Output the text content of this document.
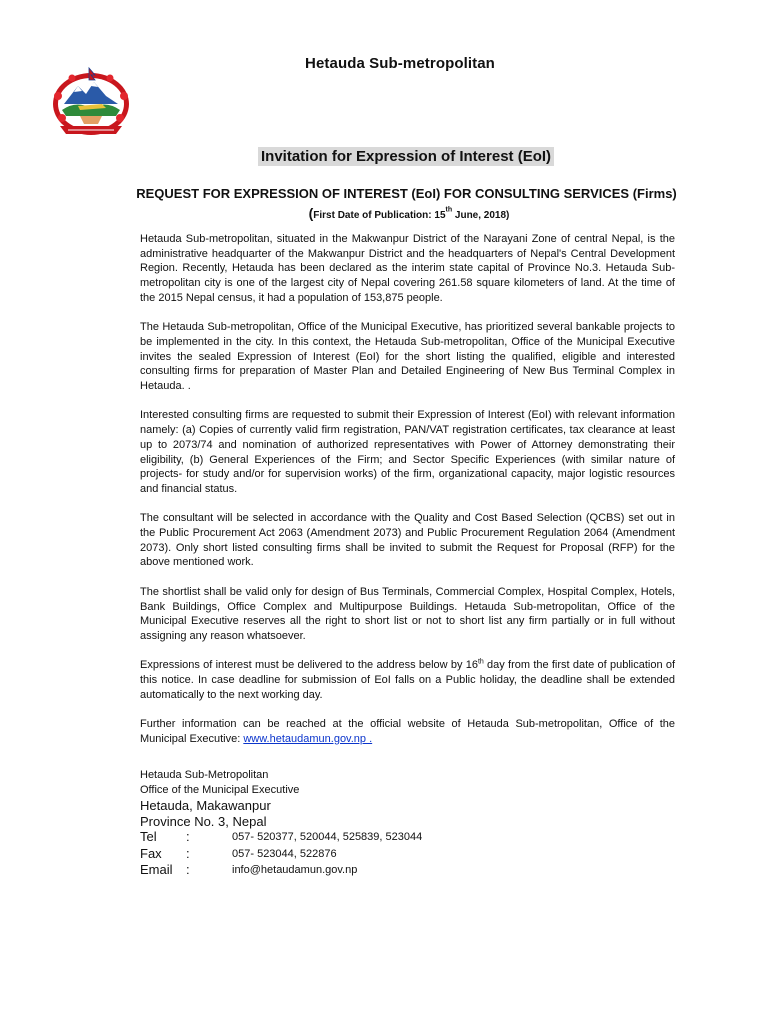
Hetauda Sub-metropolitan
Invitation for Expression of Interest (EoI)
REQUEST FOR EXPRESSION OF INTEREST (EoI) FOR CONSULTING SERVICES (Firms)
(First Date of Publication: 15th June, 2018)

Hetauda Sub-metropolitan, situated in the Makwanpur District of the Narayani Zone of central Nepal, is the administrative headquarter of the Makwanpur District and the headquarters of Nepal's Central Development Region. Recently, Hetauda has been declared as the interim state capital of Province No.3. Hetauda Sub-metropolitan city is one of the largest city of Nepal covering 261.58 square kilometers of land. At the time of the 2015 Nepal census, it had a population of 153,875 people.

The Hetauda Sub-metropolitan, Office of the Municipal Executive, has prioritized several bankable projects to be implemented in the city. In this context, the Hetauda Sub-metropolitan, Office of the Municipal Executive invites the sealed Expression of Interest (EoI) for the short listing the qualified, eligible and interested consulting firms for preparation of Master Plan and Detailed Engineering of New Bus Terminal Complex in Hetauda. .

Interested consulting firms are requested to submit their Expression of Interest (EoI) with relevant information namely: (a) Copies of currently valid firm registration, PAN/VAT registration certificates, tax clearance at least up to 2073/74 and nomination of authorized representatives with Power of Attorney demonstrating their eligibility, (b) General Experiences of the Firm; and Sector Specific Experiences (with similar nature of projects- for study and/or for supervision works) of the firm, organizational capacity, major logistic resources and financial status.

The consultant will be selected in accordance with the Quality and Cost Based Selection (QCBS) set out in the Public Procurement Act 2063 (Amendment 2073) and Public Procurement Regulation 2064 (Amendment 2073). Only short listed consulting firms shall be invited to submit the Request for Proposal (RFP) for the above mentioned work.

The shortlist shall be valid only for design of Bus Terminals, Commercial Complex, Hospital Complex, Hotels, Bank Buildings, Office Complex and Multipurpose Buildings. Hetauda Sub-metropolitan, Office of the Municipal Executive reserves all the right to short list or not to short list any firm partially or in full without assigning any reason whatsoever.

Expressions of interest must be delivered to the address below by 16th day from the first date of publication of this notice. In case deadline for submission of EoI falls on a Public holiday, the deadline shall be extended automatically to the next working day.

Further information can be reached at the official website of Hetauda Sub-metropolitan, Office of the Municipal Executive: www.hetaudamun.gov.np .

Hetauda Sub-Metropolitan
Office of the Municipal Executive
Hetauda, Makawanpur
Province No. 3, Nepal
Tel :	057- 520377, 520044, 525839, 523044
Fax :	057- 523044, 522876
Email :	info@hetaudamun.gov.np
